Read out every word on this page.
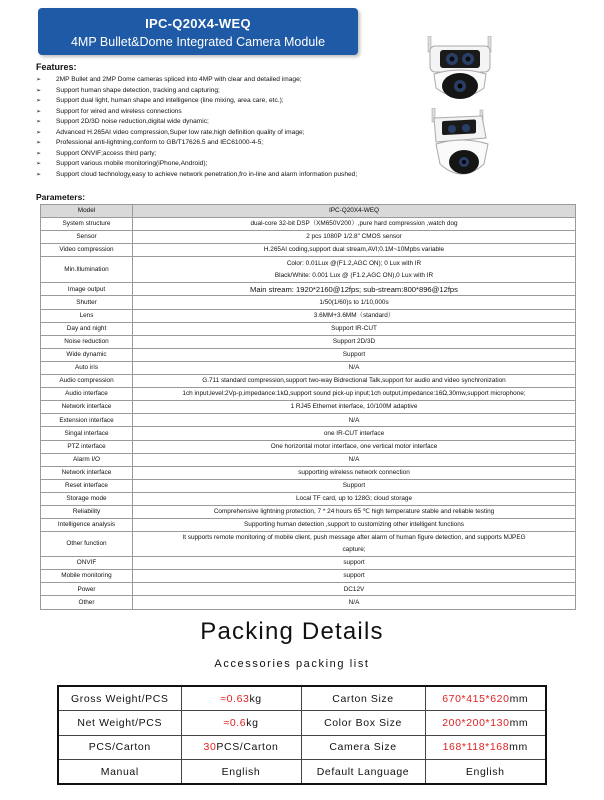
IPC-Q20X4-WEQ
4MP Bullet&Dome Integrated Camera Module
Features:
➢ 2MP Bullet and 2MP Dome cameras spliced into 4MP with clear and detailed image;
➢ Support human shape detection, tracking and capturing;
➢ Support dual light, human shape and intelligence (line mixing, area care, etc.);
➢ Support for wired and wireless connections
➢ Support 2D/3D noise reduction,digital wide dynamic;
➢ Advanced H.265AI video compression,Super low rate,high definition quality of image;
➢ Professional anti-lightning,conform to GB/T17626.5 and IEC61000-4-5;
➢ Support ONVIF;access third party;
➢ Support various mobile monitoring(iPhone,Android);
➢ Support cloud technology,easy to achieve network penetration,fro in-line and alarm information pushed;
Parameters:
Model	IPC-Q20X4-WEQ
System structure	dual-core 32-bit DSP（XM650V200）,pure hard compression ,watch dog
Sensor	2 pcs 1080P 1/2.8" CMOS sensor
Video compression	H.265AI coding,support dual stream,AVI;0.1M~10Mpbs variable
Min.Illumination	Color: 0.01Lux @(F1.2,AGC ON); 0 Lux with IR
Black/White: 0.001 Lux @ (F1.2,AGC ON),0 Lux with IR

Image output	Main stream: 1920*2160@12fps; sub-stream:800*896@12fps
Shutter	1/50(1/60)s to 1/10,000s
Lens	3.6MM+3.6MM（standard）
Day and night	Support IR-CUT
Noise reduction	Support 2D/3D
Wide dynamic	Support
Auto iris	N/A
Audio compression	G.711 standard compression,support two-way Bidrectional Talk,support for audio and video synchronization
Audio interface	1ch input,level:2Vp-p,impedance:1kΩ,support sound pick-up input;1ch output,impedance:16Ω,30mw,support microphone;
Network interface	1 RJ45 Ethernet interface, 10/100M adaptive
Extension interface	N/A
Singal interface	one IR-CUT interface
PTZ interface	One horizontal motor interface, one vertical motor interface
Alarm I/O	N/A
Network interface	supporting wireless network connection
Reset interface	Support
Storage mode	Local TF card, up to 128G; cloud storage
Reliability	Comprehensive lightning protection, 7 * 24 hours 65 ℃ high temperature stable and reliable testing
Intelligence analysis	Supporting human detection ,support to customizing other intelligent functions
Other function	It supports remote monitoring of mobile client, push message after alarm of human figure detection, and supports MJPEG
capture;

ONVIF	support
Mobile monitoring	support
Power	DC12V
Other	N/A
Packing Details
Accessories packing list
Gross Weight/PCS	≈0.63kg	Carton Size	670*415*620mm
Net Weight/PCS	≈0.6kg	Color Box Size	200*200*130mm
PCS/Carton	30PCS/Carton	Camera Size	168*118*168mm
Manual	English	Default Language	English
